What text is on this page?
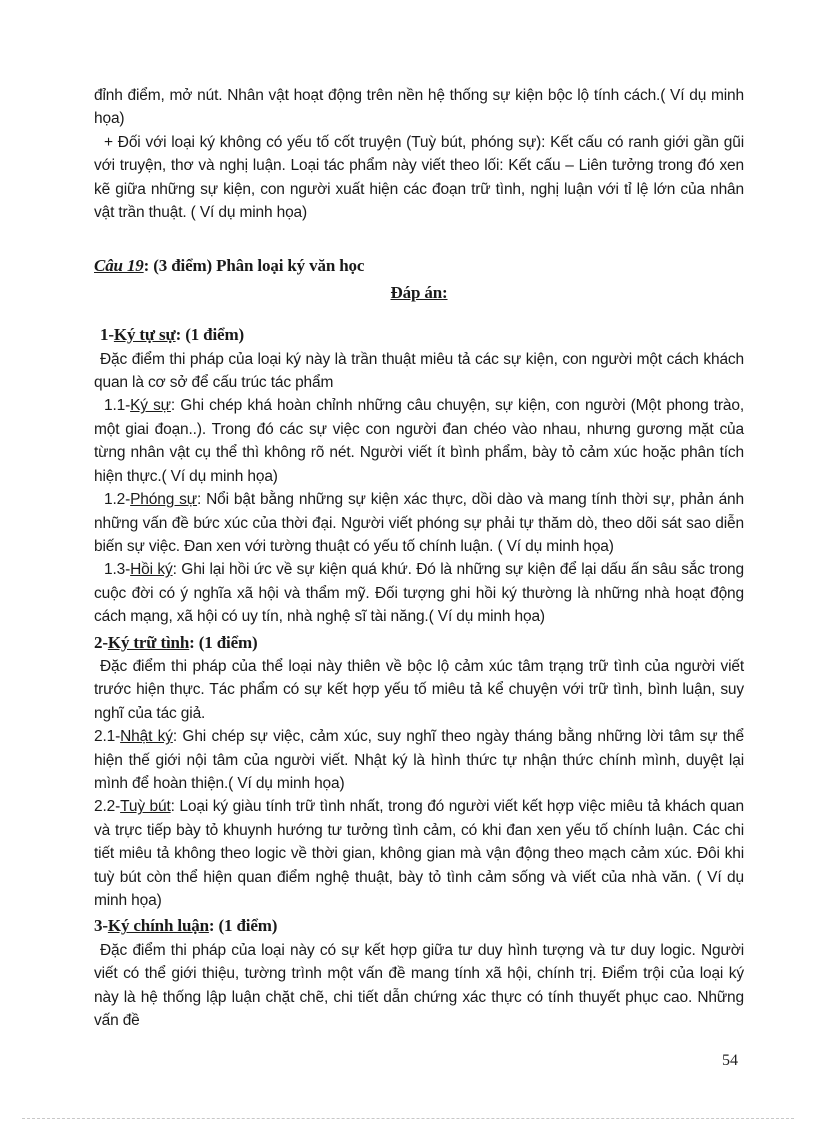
đỉnh điểm, mở nút. Nhân vật hoạt động trên nền hệ thống sự kiện bộc lộ tính cách.( Ví dụ minh họa)

+ Đối với loại ký không có yếu tố cốt truyện (Tuỳ bút, phóng sự): Kết cấu có ranh giới gần gũi với truyện, thơ và nghị luận. Loại tác phẩm này viết theo lối: Kết cấu – Liên tưởng trong đó xen kẽ giữa những sự kiện, con người xuất hiện các đoạn trữ tình, nghị luận với tỉ lệ lớn của nhân vật trần thuật. ( Ví dụ minh họa)

Câu 19: (3 điểm) Phân loại ký văn học

Đáp án:

1-Ký tự sự: (1 điểm)

Đặc điểm thi pháp của loại ký này là trần thuật miêu tả các sự kiện, con người một cách khách quan là cơ sở để cấu trúc tác phẩm

1.1-Ký sự: Ghi chép khá hoàn chỉnh những câu chuyện, sự kiện, con người (Một phong trào, một giai đoạn..). Trong đó các sự việc con người đan chéo vào nhau, nhưng gương mặt của từng nhân vật cụ thể thì không rõ nét. Người viết ít bình phẩm, bày tỏ cảm xúc hoặc phân tích hiện thực.( Ví dụ minh họa)

1.2-Phóng sự: Nổi bật bằng những sự kiện xác thực, dồi dào và mang tính thời sự, phản ánh những vấn đề bức xúc của thời đại. Người viết phóng sự phải tự thăm dò, theo dõi sát sao diễn biến sự việc. Đan xen với tường thuật có yếu tố chính luận. ( Ví dụ minh họa)

1.3-Hồi ký: Ghi lại hồi ức về sự kiện quá khứ. Đó là những sự kiện để lại dấu ấn sâu sắc trong cuộc đời có ý nghĩa xã hội và thẩm mỹ. Đối tượng ghi hồi ký thường là những nhà hoạt động cách mạng, xã hội có uy tín, nhà nghệ sĩ tài năng.( Ví dụ minh họa)

2-Ký trữ tình: (1 điểm)

Đặc điểm thi pháp của thể loại này thiên về bộc lộ cảm xúc tâm trạng trữ tình của người viết trước hiện thực. Tác phẩm có sự kết hợp yếu tố miêu tả kể chuyện với trữ tình, bình luận, suy nghĩ của tác giả.

2.1-Nhật ký: Ghi chép sự việc, cảm xúc, suy nghĩ theo ngày tháng bằng những lời tâm sự thể hiện thế giới nội tâm của người viết. Nhật ký là hình thức tự nhận thức chính mình, duyệt lại mình để hoàn thiện.( Ví dụ minh họa)

2.2-Tuỳ bút: Loại ký giàu tính trữ tình nhất, trong đó người viết kết hợp việc miêu tả khách quan và trực tiếp bày tỏ khuynh hướng tư tưởng tình cảm, có khi đan xen yếu tố chính luận. Các chi tiết miêu tả không theo logic về thời gian, không gian mà vận động theo mạch cảm xúc. Đôi khi tuỳ bút còn thể hiện quan điểm nghệ thuật, bày tỏ tình cảm sống và viết của nhà văn. ( Ví dụ minh họa)

3-Ký chính luận: (1 điểm)

Đặc điểm thi pháp của loại này có sự kết hợp giữa tư duy hình tượng và tư duy logic. Người viết có thể giới thiệu, tường trình một vấn đề mang tính xã hội, chính trị. Điểm trội của loại ký này là hệ thống lập luận chặt chẽ, chi tiết dẫn chứng xác thực có tính thuyết phục cao. Những vấn đề

54
